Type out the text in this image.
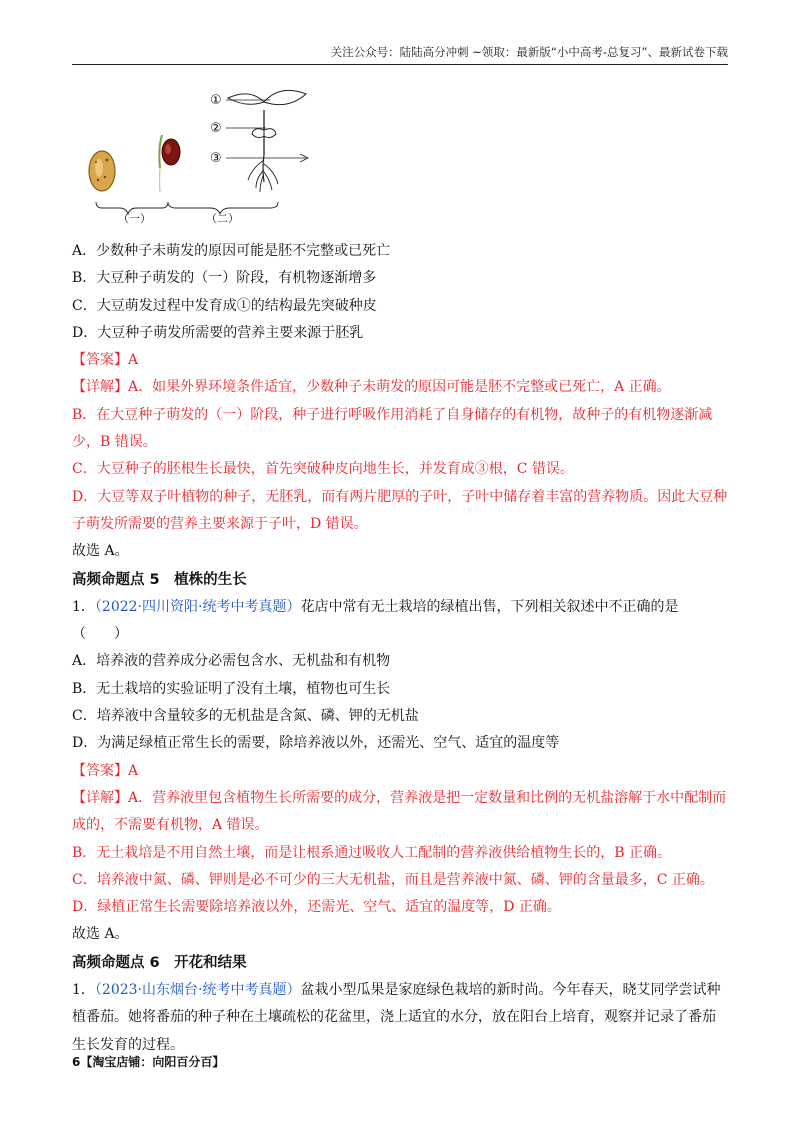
关注公众号：陆陆高分冲刺 ~领取：最新版“小中高考-总复习”、最新试卷下载
①
②
③
（一）	（二）
A．少数种子未萌发的原因可能是胚不完整或已死亡
B．大豆种子萌发的（一）阶段，有机物逐渐增多
C．大豆萌发过程中发育成①的结构最先突破种皮
D．大豆种子萌发所需要的营养主要来源于胚乳
【答案】A
【详解】A．如果外界环境条件适宜，少数种子未萌发的原因可能是胚不完整或已死亡，A 正确。
B．在大豆种子萌发的（一）阶段，种子进行呼吸作用消耗了自身储存的有机物，故种子的有机物逐渐减少，B 错误。
C．大豆种子的胚根生长最快，首先突破种皮向地生长，并发育成③根，C 错误。
D．大豆等双子叶植物的种子，无胚乳，而有两片肥厚的子叶，子叶中储存着丰富的营养物质。因此大豆种子萌发所需要的营养主要来源于子叶，D 错误。
故选 A。
高频命题点 5　植株的生长
1．（2022·四川资阳·统考中考真题）花店中常有无土栽培的绿植出售，下列相关叙述中不正确的是
（　　）
A．培养液的营养成分必需包含水、无机盐和有机物
B．无土栽培的实验证明了没有土壤，植物也可生长
C．培养液中含量较多的无机盐是含氮、磷、钾的无机盐
D．为满足绿植正常生长的需要，除培养液以外，还需光、空气、适宜的温度等
【答案】A
【详解】A．营养液里包含植物生长所需要的成分，营养液是把一定数量和比例的无机盐溶解于水中配制而成的，不需要有机物，A 错误。
B．无土栽培是不用自然土壤，而是让根系通过吸收人工配制的营养液供给植物生长的，B 正确。
C．培养液中氮、磷、钾则是必不可少的三大无机盐，而且是营养液中氮、磷、钾的含量最多，C 正确。
D．绿植正常生长需要除培养液以外，还需光、空气、适宜的温度等，D 正确。
故选 A。
高频命题点 6　开花和结果
1．（2023·山东烟台·统考中考真题）盆栽小型瓜果是家庭绿色栽培的新时尚。今年春天，晓艾同学尝试种植番茄。她将番茄的种子种在土壤疏松的花盆里，浇上适宜的水分，放在阳台上培育，观察并记录了番茄生长发育的过程。
6【淘宝店铺：向阳百分百】
